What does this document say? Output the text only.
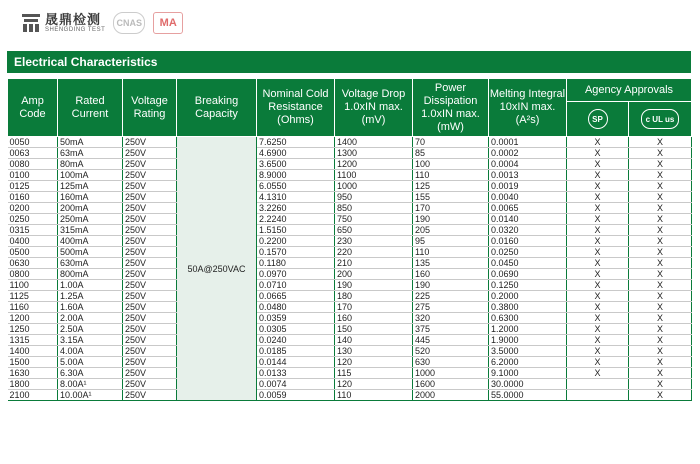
晟鼎检测
SHENGDING TEST
CNAS	MA
Electrical Characteristics
Amp Code	Rated Current	Voltage Rating	Breaking Capacity	Nominal Cold Resistance (Ohms)	Voltage Drop 1.0xIN max. (mV)	Power Dissipation 1.0xIN max. (mW)	Melting Integral 10xIN max. (A²s)	Agency Approvals	
								SP	c UL us
0050	50mA	250V	50A@250VAC	7.6250	1400	70	0.0001	X	X
0063	63mA	250V		4.6900	1300	85	0.0002	X	X
0080	80mA	250V		3.6500	1200	100	0.0004	X	X
0100	100mA	250V		8.9000	1100	110	0.0013	X	X
0125	125mA	250V		6.0550	1000	125	0.0019	X	X
0160	160mA	250V		4.1310	950	155	0.0040	X	X
0200	200mA	250V		3.2260	850	170	0.0065	X	X
0250	250mA	250V		2.2240	750	190	0.0140	X	X
0315	315mA	250V		1.5150	650	205	0.0320	X	X
0400	400mA	250V		0.2200	230	95	0.0160	X	X
0500	500mA	250V		0.1570	220	110	0.0250	X	X
0630	630mA	250V		0.1180	210	135	0.0450	X	X
0800	800mA	250V		0.0970	200	160	0.0690	X	X
1100	1.00A	250V		0.0710	190	190	0.1250	X	X
1125	1.25A	250V		0.0665	180	225	0.2000	X	X
1160	1.60A	250V		0.0480	170	275	0.3800	X	X
1200	2.00A	250V		0.0359	160	320	0.6300	X	X
1250	2.50A	250V		0.0305	150	375	1.2000	X	X
1315	3.15A	250V		0.0240	140	445	1.9000	X	X
1400	4.00A	250V		0.0185	130	520	3.5000	X	X
1500	5.00A	250V		0.0144	120	630	6.2000	X	X
1630	6.30A	250V		0.0133	115	1000	9.1000	X	X
1800	8.00A¹	250V		0.0074	120	1600	30.0000		X
2100	10.00A¹	250V		0.0059	110	2000	55.0000		X
